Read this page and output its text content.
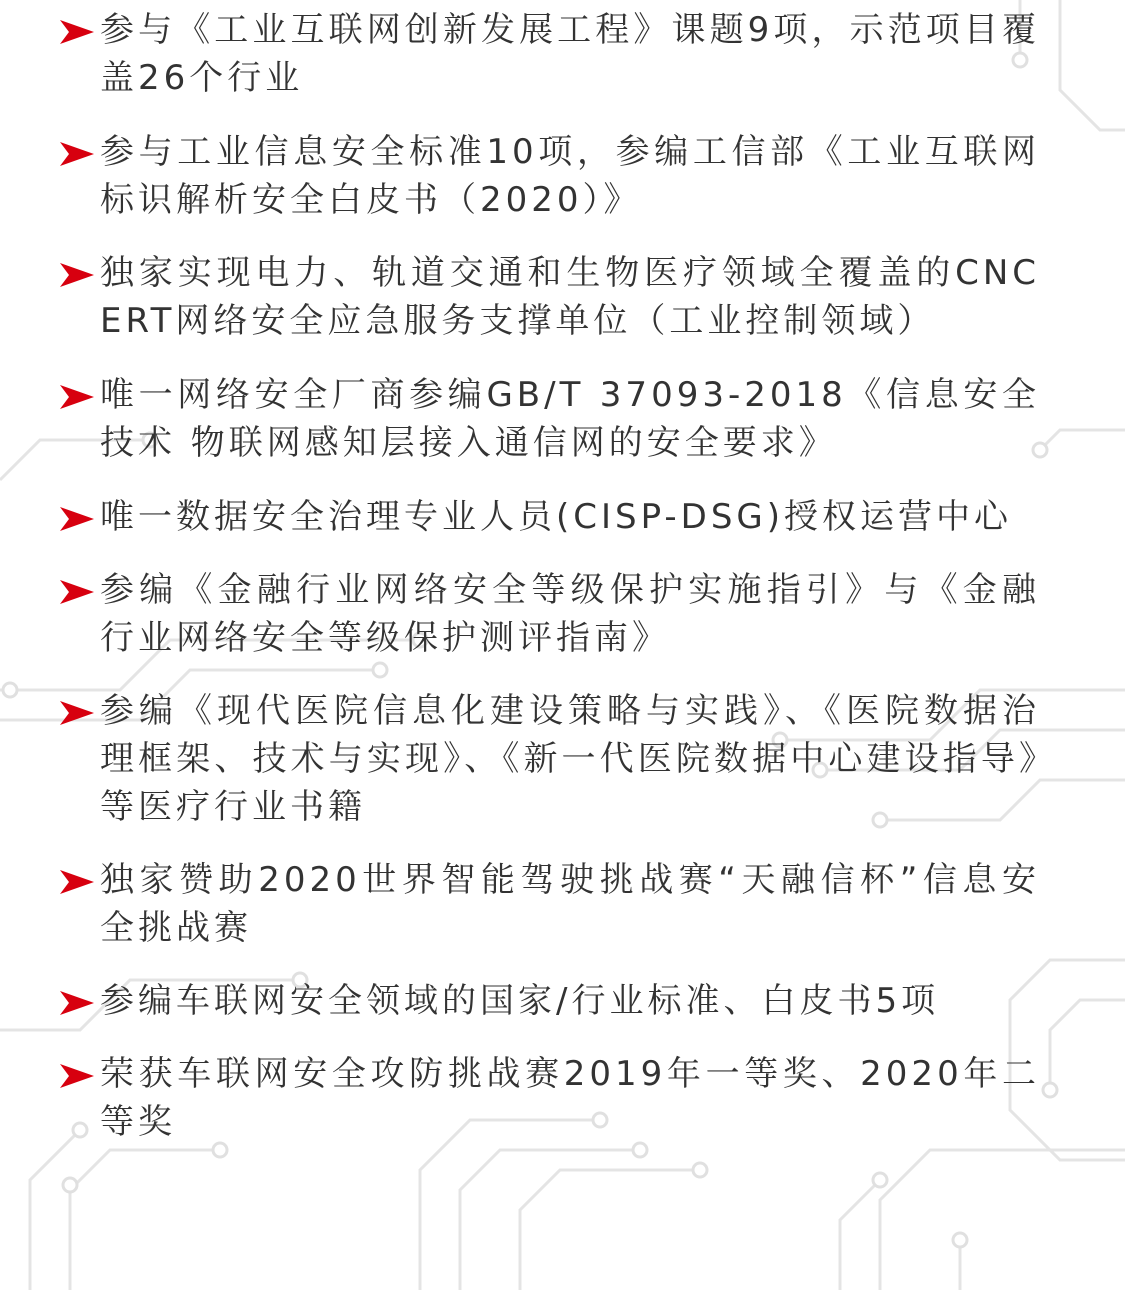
参与《工业互联网创新发展工程》课题9项，示范项目覆盖26个行业
参与工业信息安全标准10项，参编工信部《工业互联网标识解析安全白皮书（2020）》
独家实现电力、轨道交通和生物医疗领域全覆盖的CNCERT网络安全应急服务支撑单位（工业控制领域）
唯一网络安全厂商参编GB/T 37093-2018《信息安全技术 物联网感知层接入通信网的安全要求》
唯一数据安全治理专业人员(CISP-DSG)授权运营中心
参编《金融行业网络安全等级保护实施指引》与《金融行业网络安全等级保护测评指南》
参编《现代医院信息化建设策略与实践》、《医院数据治理框架、技术与实现》、《新一代医院数据中心建设指导》等医疗行业书籍
独家赞助2020世界智能驾驶挑战赛“天融信杯”信息安全挑战赛
参编车联网安全领域的国家/行业标准、白皮书5项
荣获车联网安全攻防挑战赛2019年一等奖、2020年二等奖
